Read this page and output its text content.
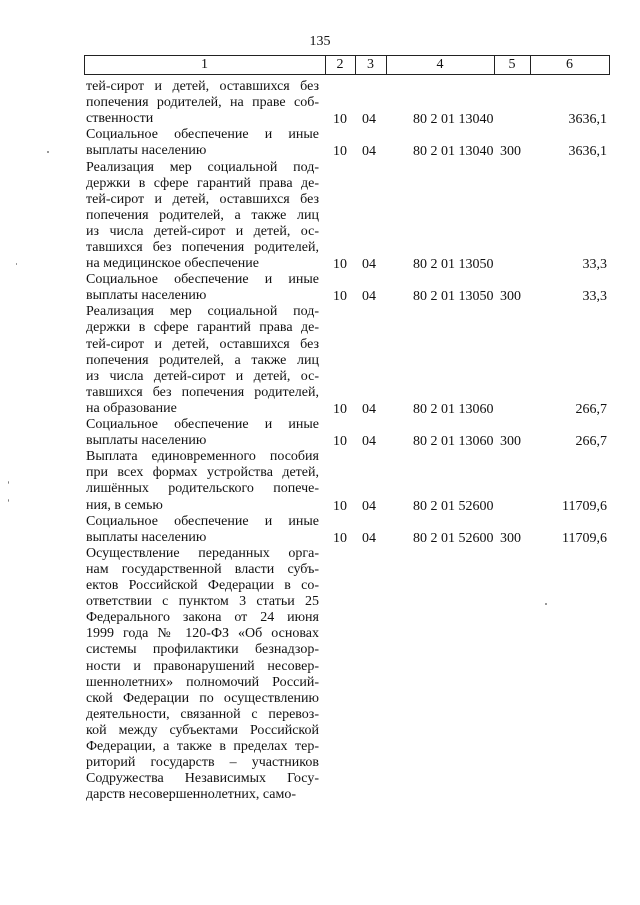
135
1	2	3	4	5	6
тей-сирот и детей, оставшихся без
попечения родителей, на праве соб-
ственности	10 04	80 2 01 13040	3636,1
Социальное обеспечение и иные
выплаты населению	10 04	80 2 01 13040 300	3636,1
Реализация мер социальной под-
держки в сфере гарантий права де-
тей-сирот и детей, оставшихся без
попечения родителей, а также лиц
из числа детей-сирот и детей, ос-
тавшихся без попечения родителей,
на медицинское обеспечение	10 04	80 2 01 13050	33,3
Социальное обеспечение и иные
выплаты населению	10 04	80 2 01 13050 300	33,3
Реализация мер социальной под-
держки в сфере гарантий права де-
тей-сирот и детей, оставшихся без
попечения родителей, а также лиц
из числа детей-сирот и детей, ос-
тавшихся без попечения родителей,
на образование	10 04	80 2 01 13060	266,7
Социальное обеспечение и иные
выплаты населению	10 04	80 2 01 13060 300	266,7
Выплата единовременного пособия
при всех формах устройства детей,
лишённых родительского попече-
ния, в семью	10 04	80 2 01 52600	11709,6
Социальное обеспечение и иные
выплаты населению	10 04	80 2 01 52600 300	11709,6
Осуществление переданных орга-
нам государственной власти субъ-
ектов Российской Федерации в со-
ответствии с пунктом 3 статьи 25
Федерального закона от 24 июня
1999 года № 120-ФЗ «Об основах
системы профилактики безнадзор-
ности и правонарушений несовер-
шеннолетних» полномочий Россий-
ской Федерации по осуществлению
деятельности, связанной с перевоз-
кой между субъектами Российской
Федерации, а также в пределах тер-
риторий государств – участников
Содружества Независимых Госу-
дарств несовершеннолетних, само-
